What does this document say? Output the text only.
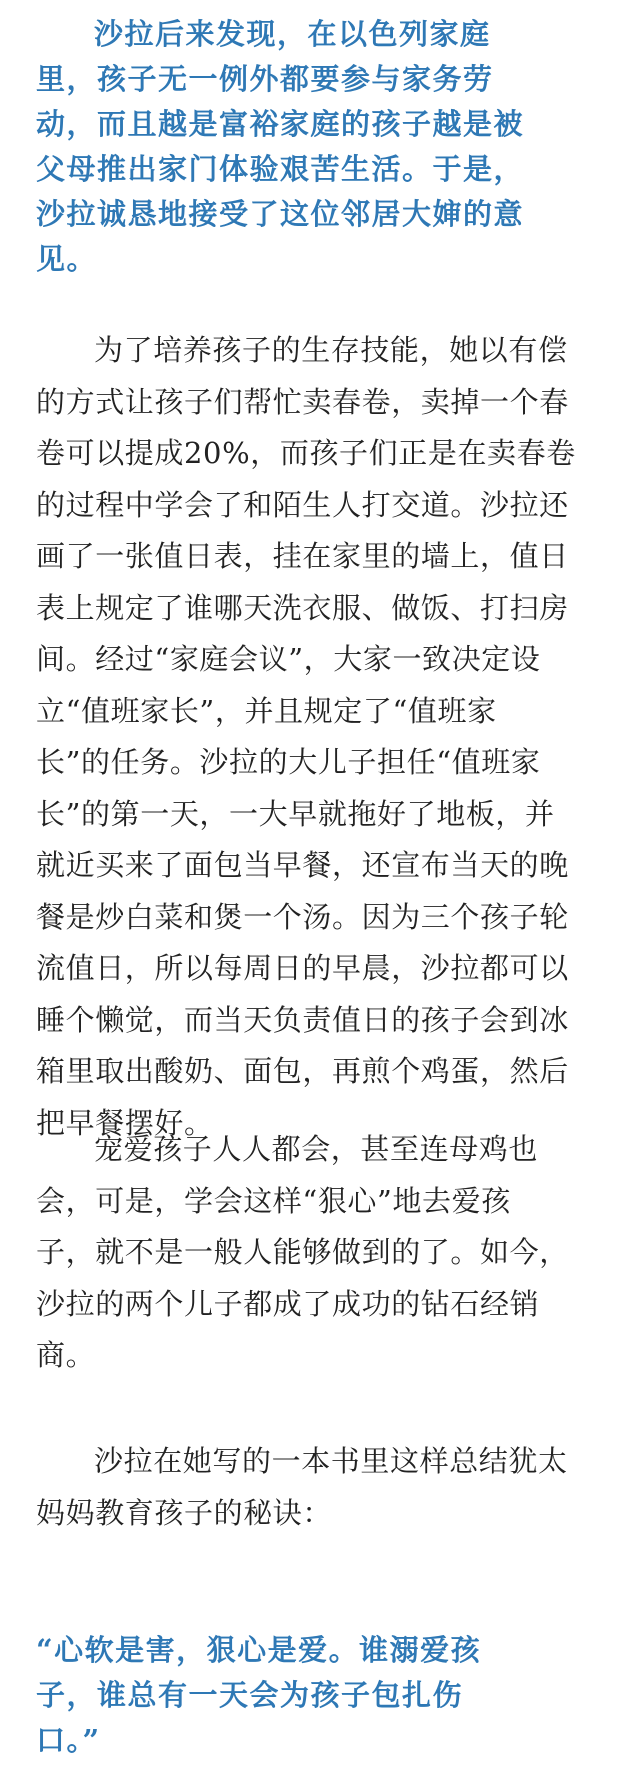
沙拉后来发现，在以色列家庭
里，孩子无一例外都要参与家务劳
动，而且越是富裕家庭的孩子越是被
父母推出家门体验艰苦生活。于是，
沙拉诚恳地接受了这位邻居大婶的意
见。

为了培养孩子的生存技能，她以有偿
的方式让孩子们帮忙卖春卷，卖掉一个春
卷可以提成20%，而孩子们正是在卖春卷
的过程中学会了和陌生人打交道。沙拉还
画了一张值日表，挂在家里的墙上，值日
表上规定了谁哪天洗衣服、做饭、打扫房
间。经过“家庭会议”，大家一致决定设
立“值班家长”，并且规定了“值班家
长”的任务。沙拉的大儿子担任“值班家
长”的第一天，一大早就拖好了地板，并
就近买来了面包当早餐，还宣布当天的晚
餐是炒白菜和煲一个汤。因为三个孩子轮
流值日，所以每周日的早晨，沙拉都可以
睡个懒觉，而当天负责值日的孩子会到冰
箱里取出酸奶、面包，再煎个鸡蛋，然后
把早餐摆好。

宠爱孩子人人都会，甚至连母鸡也
会，可是，学会这样“狠心”地去爱孩
子，就不是一般人能够做到的了。如今，
沙拉的两个儿子都成了成功的钻石经销
商。

沙拉在她写的一本书里这样总结犹太
妈妈教育孩子的秘诀：

“心软是害，狠心是爱。谁溺爱孩
子，谁总有一天会为孩子包扎伤
口。”
